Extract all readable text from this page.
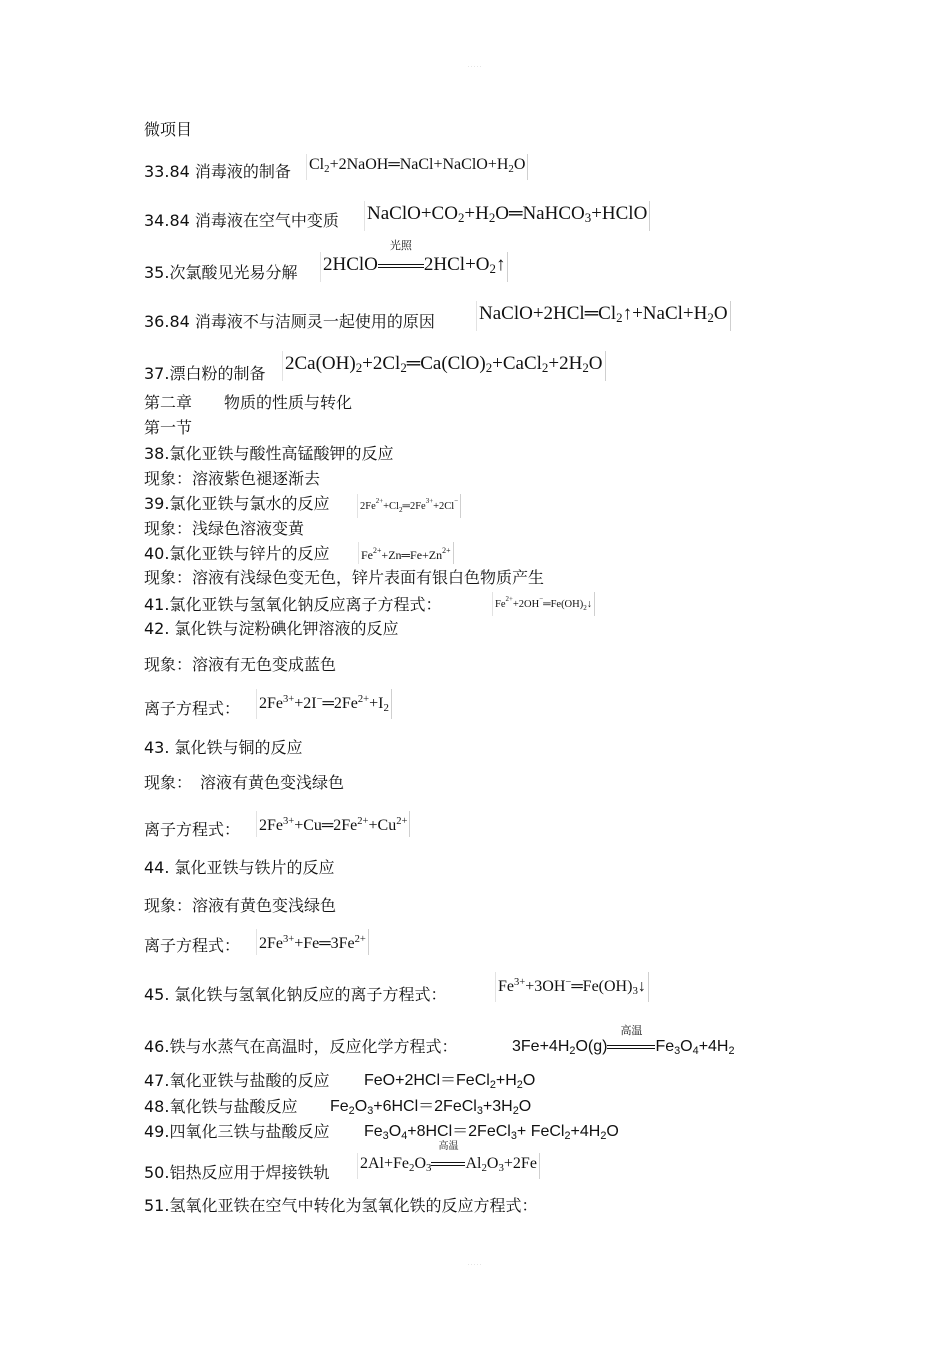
·····
微项目
33.84 消毒液的制备 $Cl_2+2NaOH═NaCl+NaClO+H_2O$
34.84 消毒液在空气中变质 $NaClO+CO_2+H_2O═NaHCO_3+HClO$
35.次氯酸见光易分解 2HClO
光照
$2HCl+O_2↑$
36.84 消毒液不与洁厕灵一起使用的原因 $NaClO+2HCl═Cl_2↑+NaCl+H_2O$
37.漂白粉的制备 $2Ca(OH)_2+2Cl_2═Ca(ClO)_2+CaCl_2+2H_2O$
第二章　　物质的性质与转化
第一节
38.氯化亚铁与酸性高锰酸钾的反应
现象：溶液紫色褪逐渐去
39.氯化亚铁与氯水的反应	$2Fe^{2+}+Cl_2═2Fe^{3+}+2Cl^-$
现象：浅绿色溶液变黄
40.氯化亚铁与锌片的反应	$Fe^{2+}+Zn═Fe+Zn^{2+}$
现象：溶液有浅绿色变无色，锌片表面有银白色物质产生
41.氯化亚铁与氢氧化钠反应离子方程式：	$Fe^{2+}+2OH^-═Fe(OH)_2↓$
42. 氯化铁与淀粉碘化钾溶液的反应
现象：溶液有无色变成蓝色
离子方程式： $2Fe^{3+}+2I^-═2Fe^{2+}+I_2$
43. 氯化铁与铜的反应
现象：　溶液有黄色变浅绿色
离子方程式： $2Fe^{3+}+Cu═2Fe^{2+}+Cu^{2+}$
44. 氯化亚铁与铁片的反应
现象：溶液有黄色变浅绿色
离子方程式： $2Fe^{3+}+Fe═3Fe^{2+}$
45. 氯化铁与氢氧化钠反应的离子方程式：	$Fe^{3+}+3OH^-═Fe(OH)_3↓$
46.铁与水蒸气在高温时，反应化学方程式：	$3Fe+4H_2O(g)$
高温
$Fe_3O_4+4H_2$
47.氧化亚铁与盐酸的反应 $FeO+2HCl=FeCl_2+H_2O$
48.氧化铁与盐酸反应 $Fe_2O_3+6HCl=2FeCl_3+3H_2O$
49.四氧化三铁与盐酸反应 $Fe_3O_4+8HCl=2FeCl_3+$ $FeCl_2+4H_2O$
50.铝热反应用于焊接铁轨 $2Al+Fe_2O_3$
高温
$Al_2O_3+2Fe$
51.氢氧化亚铁在空气中转化为氢氧化铁的反应方程式：
·····
